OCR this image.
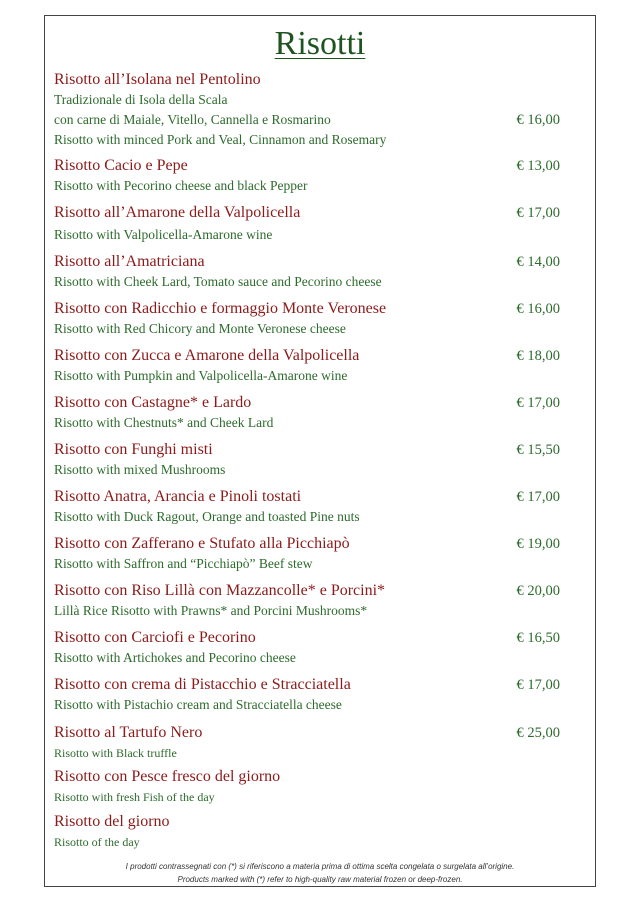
Risotti
Risotto all’Isolana nel Pentolino
Tradizionale di Isola della Scala
con carne di Maiale, Vitello, Cannella e Rosmarino
Risotto with minced Pork and Veal, Cinnamon and Rosemary
€ 16,00
Risotto Cacio e Pepe
Risotto with Pecorino cheese and black Pepper
€ 13,00
Risotto all’Amarone della Valpolicella
Risotto with Valpolicella-Amarone wine
€ 17,00
Risotto all’Amatriciana
Risotto with Cheek Lard, Tomato sauce and Pecorino cheese
€ 14,00
Risotto con Radicchio e formaggio Monte Veronese
Risotto with Red Chicory and Monte Veronese cheese
€ 16,00
Risotto con Zucca e Amarone della Valpolicella
Risotto with Pumpkin and Valpolicella-Amarone wine
€ 18,00
Risotto con Castagne* e Lardo
Risotto with Chestnuts* and Cheek Lard
€ 17,00
Risotto con Funghi misti
Risotto with mixed Mushrooms
€ 15,50
Risotto Anatra, Arancia e Pinoli tostati
Risotto with Duck Ragout, Orange and toasted Pine nuts
€ 17,00
Risotto con Zafferano e Stufato alla Picchiapò
Risotto with Saffron and “Picchiapò” Beef stew
€ 19,00
Risotto con Riso Lillà con Mazzancolle* e Porcini*
Lillà Rice Risotto with Prawns* and Porcini Mushrooms*
€ 20,00
Risotto con Carciofi e Pecorino
Risotto with Artichokes and Pecorino cheese
€ 16,50
Risotto con crema di Pistacchio e Stracciatella
Risotto with Pistachio cream and Stracciatella cheese
€ 17,00
Risotto al Tartufo Nero
Risotto with Black truffle
€ 25,00
Risotto con Pesce fresco del giorno
Risotto with fresh Fish of the day
Risotto del giorno
Risotto of the day
I prodotti contrassegnati con (*) si riferiscono a materia prima di ottima scelta congelata o surgelata all’origine.
Products marked with (*) refer to high-quality raw material frozen or deep-frozen.
